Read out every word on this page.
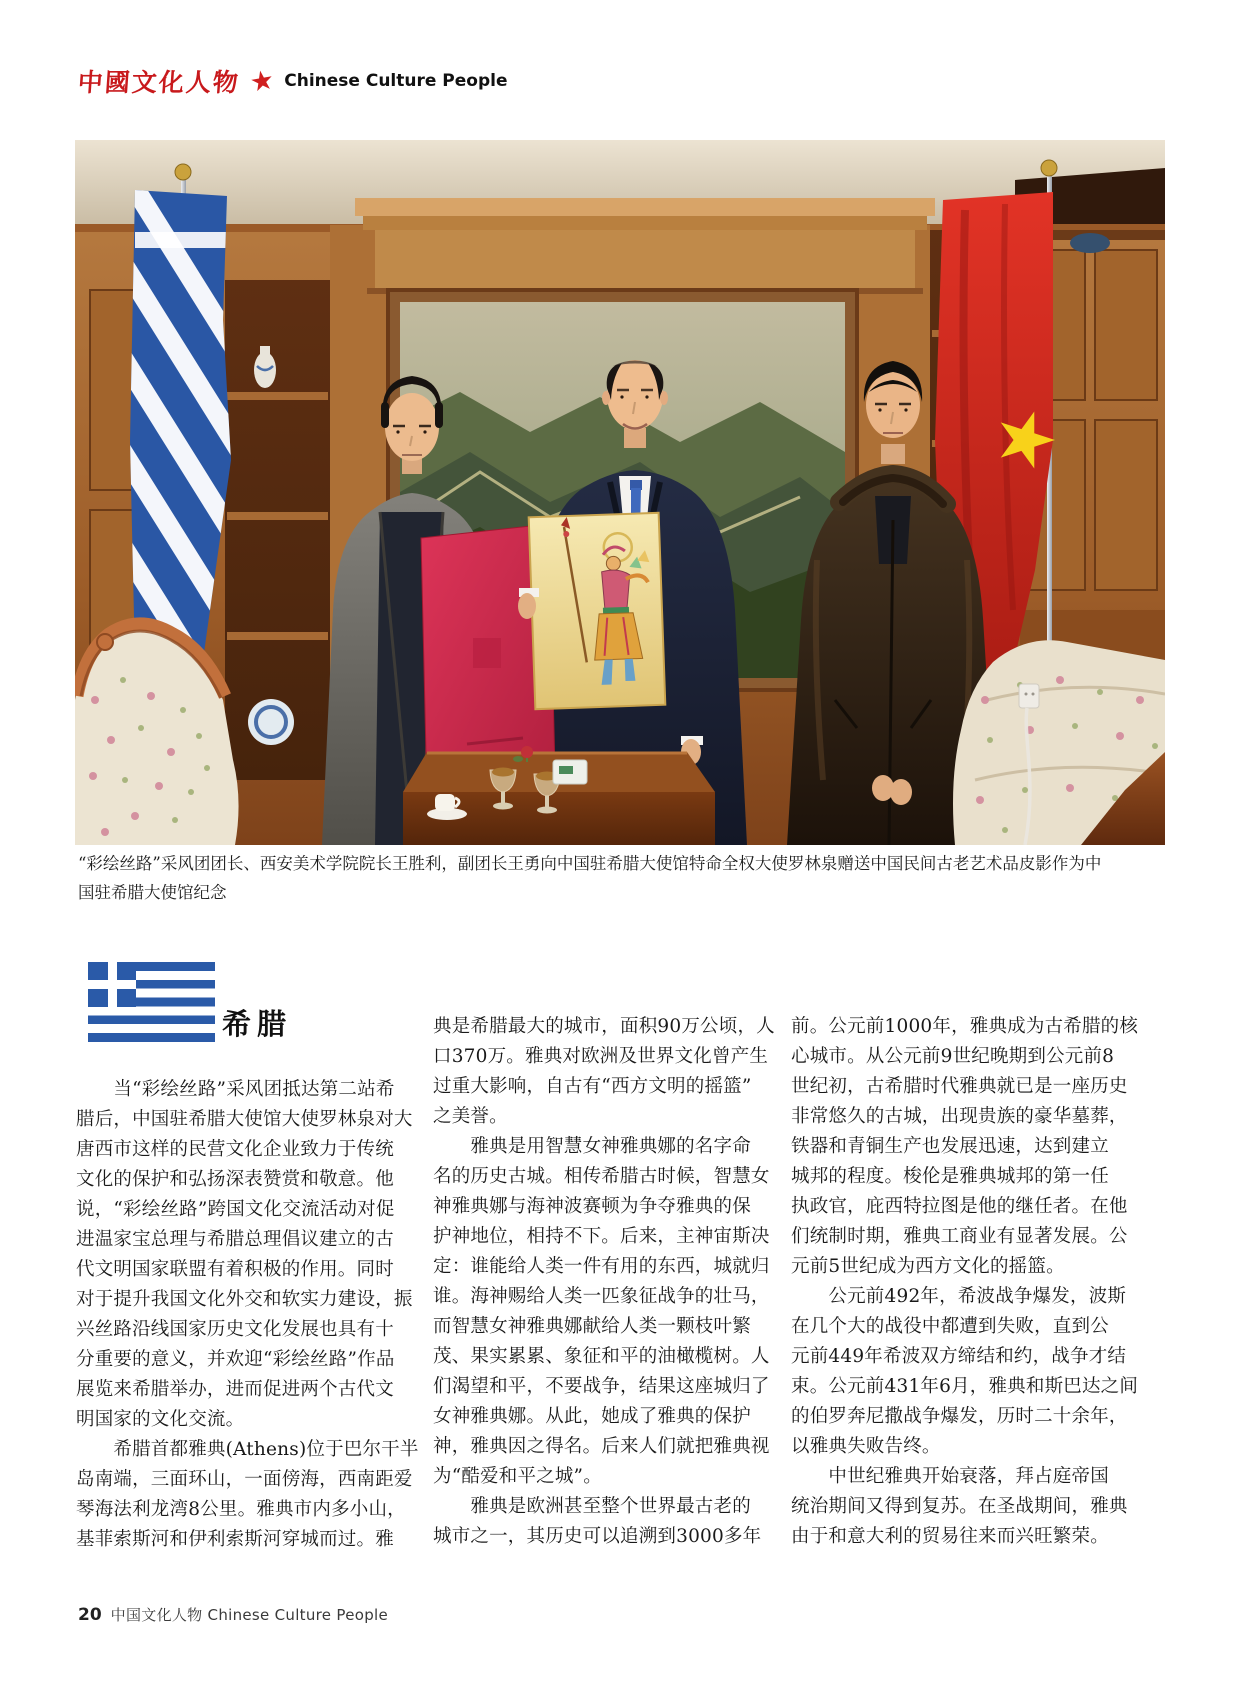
中國文化人物 ★ Chinese Culture People
“彩绘丝路”采风团团长、西安美术学院院长王胜利，副团长王勇向中国驻希腊大使馆特命全权大使罗林泉赠送中国民间古老艺术品皮影作为中
国驻希腊大使馆纪念
希腊
　　当“彩绘丝路”采风团抵达第二站希
腊后，中国驻希腊大使馆大使罗林泉对大
唐西市这样的民营文化企业致力于传统
文化的保护和弘扬深表赞赏和敬意。他
说，“彩绘丝路”跨国文化交流活动对促
进温家宝总理与希腊总理倡议建立的古
代文明国家联盟有着积极的作用。同时
对于提升我国文化外交和软实力建设，振
兴丝路沿线国家历史文化发展也具有十
分重要的意义，并欢迎“彩绘丝路”作品
展览来希腊举办，进而促进两个古代文
明国家的文化交流。
　　希腊首都雅典(Athens)位于巴尔干半
岛南端，三面环山，一面傍海，西南距爱
琴海法利龙湾8公里。雅典市内多小山，
基菲索斯河和伊利索斯河穿城而过。雅
典是希腊最大的城市，面积90万公顷，人
口370万。雅典对欧洲及世界文化曾产生
过重大影响，自古有“西方文明的摇篮”
之美誉。
　　雅典是用智慧女神雅典娜的名字命
名的历史古城。相传希腊古时候，智慧女
神雅典娜与海神波赛顿为争夺雅典的保
护神地位，相持不下。后来，主神宙斯决
定：谁能给人类一件有用的东西，城就归
谁。海神赐给人类一匹象征战争的壮马，
而智慧女神雅典娜献给人类一颗枝叶繁
茂、果实累累、象征和平的油橄榄树。人
们渴望和平，不要战争，结果这座城归了
女神雅典娜。从此，她成了雅典的保护
神，雅典因之得名。后来人们就把雅典视
为“酷爱和平之城”。
　　雅典是欧洲甚至整个世界最古老的
城市之一，其历史可以追溯到3000多年
前。公元前1000年，雅典成为古希腊的核
心城市。从公元前9世纪晚期到公元前8
世纪初，古希腊时代雅典就已是一座历史
非常悠久的古城，出现贵族的豪华墓葬，
铁器和青铜生产也发展迅速，达到建立
城邦的程度。梭伦是雅典城邦的第一任
执政官，庇西特拉图是他的继任者。在他
们统制时期，雅典工商业有显著发展。公
元前5世纪成为西方文化的摇篮。
　　公元前492年，希波战争爆发，波斯
在几个大的战役中都遭到失败，直到公
元前449年希波双方缔结和约，战争才结
束。公元前431年6月，雅典和斯巴达之间
的伯罗奔尼撒战争爆发，历时二十余年，
以雅典失败告终。
　　中世纪雅典开始衰落，拜占庭帝国
统治期间又得到复苏。在圣战期间，雅典
由于和意大利的贸易往来而兴旺繁荣。
20 中国文化人物 Chinese Culture People
